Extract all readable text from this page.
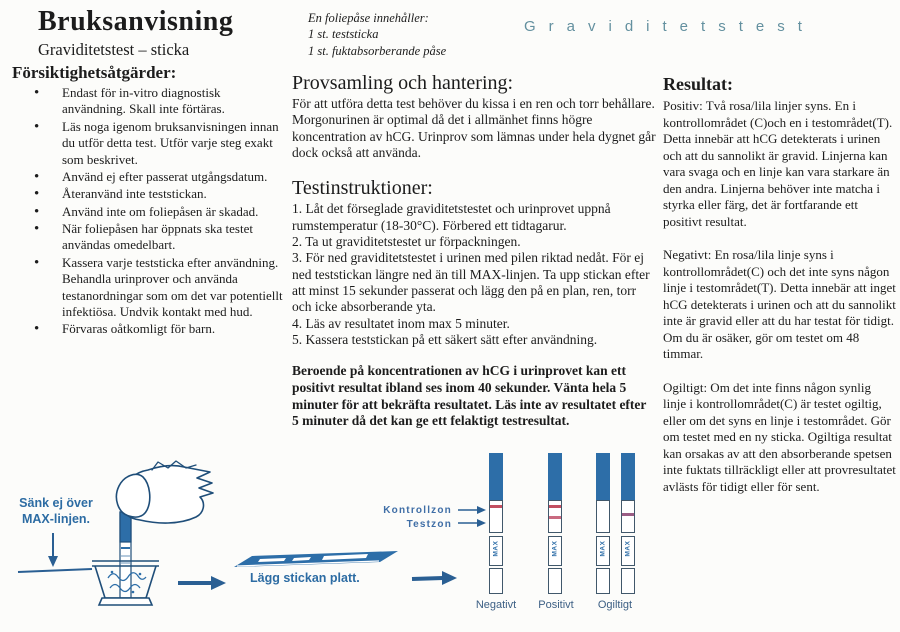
Bruksanvisning
Graviditetstest – sticka
Försiktighetsåtgärder:
• Endast för in-vitro diagnostisk användning. Skall inte förtäras.
• Läs noga igenom bruksanvisningen innan du utför detta test. Utför varje steg exakt som beskrivet.
• Använd ej efter passerat utgångsdatum.
• Återanvänd inte teststickan.
• Använd inte om foliepåsen är skadad.
• När foliepåsen har öppnats ska testet användas omedelbart.
• Kassera varje teststicka efter användning. Behandla urinprover och använda testanordningar som om det var potentiellt infektiösa. Undvik kontakt med hud.
• Förvaras oåtkomligt för barn.
En foliepåse innehåller:
1 st. teststicka
1 st. fuktabsorberande påse
Graviditetstest
Provsamling och hantering:

För att utföra detta test behöver du kissa i en ren och torr behållare. Morgonurinen är optimal då det i allmänhet finns högre koncentration av hCG. Urinprov som lämnas under hela dygnet går dock också att använda.

Testinstruktioner:
1. Låt det förseglade graviditetstestet och urinprovet uppnå rumstemperatur (18-30°C). Förbered ett tidtagarur.
2. Ta ut graviditetstestet ur förpackningen.
3. För ned graviditetstestet i urinen med pilen riktad nedåt. För ej ned teststickan längre ned än till MAX-linjen. Ta upp stickan efter att minst 15 sekunder passerat och lägg den på en plan, ren, torr och icke absorberande yta.
4. Läs av resultatet inom max 5 minuter.
5. Kassera teststickan på ett säkert sätt efter användning.
Beroende på koncentrationen av hCG i urinprovet kan ett positivt resultat ibland ses inom 40 sekunder. Vänta hela 5 minuter för att bekräfta resultatet. Läs inte av resultatet efter 5 minuter då det kan ge ett felaktigt testresultat.
Resultat:

Positiv: Två rosa/lila linjer syns. En i kontrollområdet (C)och en i testområdet(T). Detta innebär att hCG detekterats i urinen och att du sannolikt är gravid. Linjerna kan vara svaga och en linje kan vara starkare än den andra. Linjerna behöver inte matcha i styrka eller färg, det är fortfarande ett positivt resultat.

Negativt: En rosa/lila linje syns i kontrollområdet(C) och det inte syns någon linje i testområdet(T). Detta innebär att inget hCG detekterats i urinen och att du sannolikt inte är gravid eller att du har testat för tidigt. Om du är osäker, gör om testet om 48 timmar.

Ogiltigt: Om det inte finns någon synlig linje i kontrollområdet(C) är testet ogiltig, eller om det syns en linje i testområdet. Gör om testet med en ny sticka. Ogiltiga resultat kan orsakas av att den absorberande spetsen inte fuktats tillräckligt eller att provresultatet avlästs för tidigt eller för sent.

Sänk ej över MAX-linjen.
Lägg stickan platt.
Kontrollzon
Testzon
MAX	MAX	MAX	MAX
Negativt	Positivt	Ogiltigt
